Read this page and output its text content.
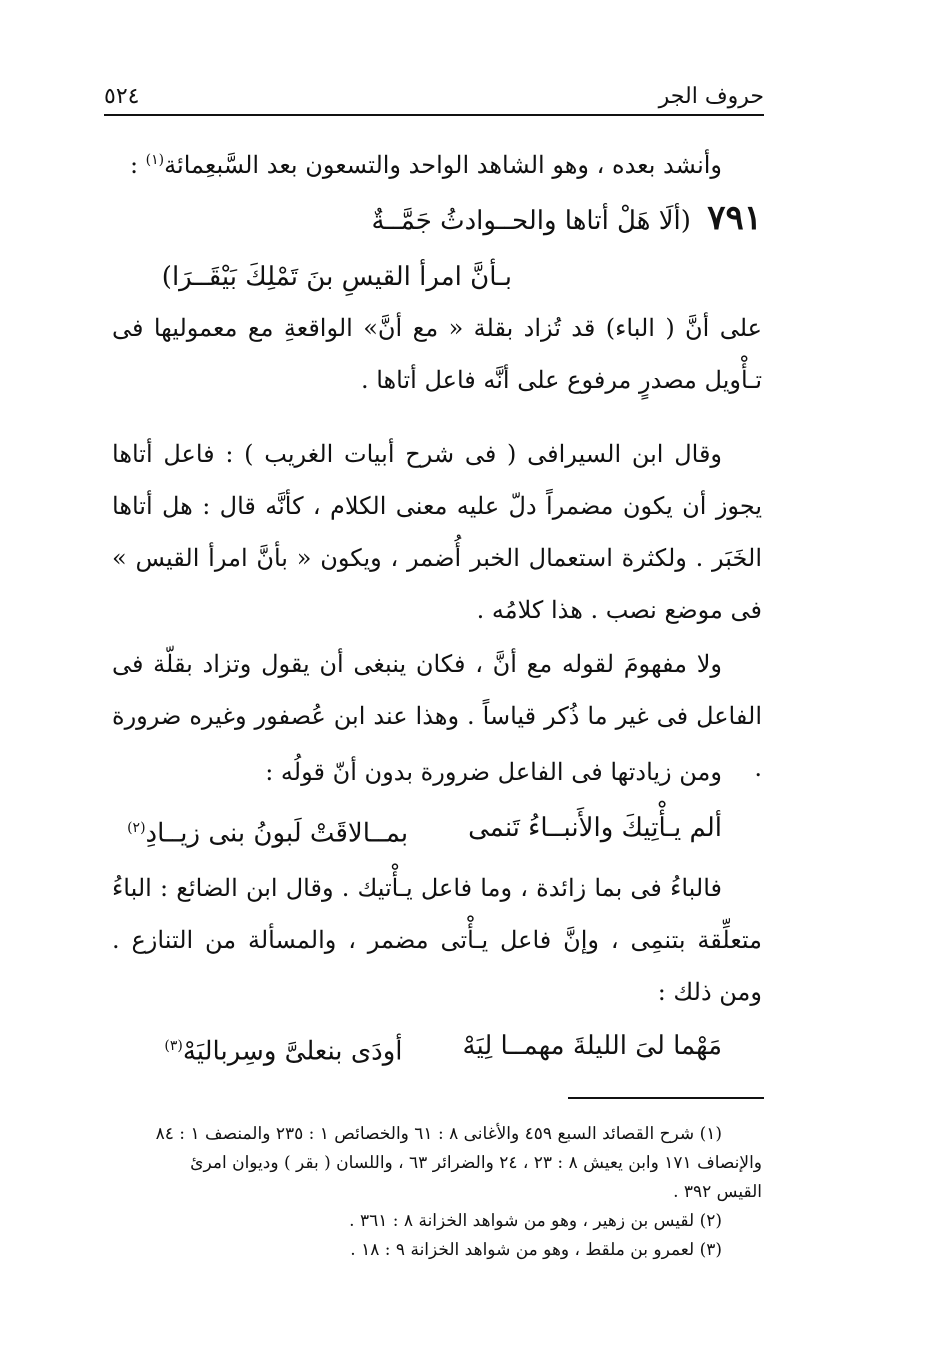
حروف الجر
٥٢٤

وأنشد بعده ، وهو الشاهد الواحد والتسعون بعد السَّبعِمائة$^{(١)}$ :

٧٩١ (ألَا هَلْ أتاها والحــوادثُ جَمَّــةٌ
بـأنَّ امرأ القيسِ بنَ تَمْلِكَ بَيْقَــرَا)

على أنَّ ( الباء) قد تُزاد بقلة « مع أنَّ» الواقعةِ مع معموليها فى تـأْويل مصدرٍ مرفوع على أنَّه فاعل أتاها .

وقال ابن السيرافى ( فى شرح أبيات الغريب ) : فاعل أتاها يجوز أن يكون مضمراً دلّ عليه معنى الكلام ، كأنَّه قال : هل أتاها الخَبَر . ولكثرة استعمال الخبر أُضمر ، ويكون « بأنَّ امرأ القيس » فى موضع نصب . هذا كلامُه .

ولا مفهومَ لقوله مع أنَّ ، فكان ينبغى أن يقول وتزاد بقلّة فى الفاعل فى غير ما ذُكر قياساً . وهذا عند ابن عُصفور وغيره ضرورة .

ومن زيادتها فى الفاعل ضرورة بدون أنّ قولُه :

ألم يـأْتِيكَ والأَنبــاءُ تَنمى
بمــالاقَتْ لَبونُ بنى زيــادِ$^{(٢)}$

فالباءُ فى بما زائدة ، وما فاعل يـأْتيك . وقال ابن الضائع : الباءُ متعلِّقة بتنمِى ، وإنَّ فاعل يـأْتى مضمر ، والمسألة من التنازع . ومن ذلك :

مَهْما لىَ الليلةَ مهمــا لِيَهْ
أودَى بنعلىَّ وسِرباليَهْ$^{(٣)}$

(١) شرح القصائد السبع ٤٥٩ والأغانى ٨ : ٦١ والخصائص ١ : ٢٣٥ والمنصف ١ : ٨٤

والإنصاف ١٧١ وابن يعيش ٨ : ٢٣ ، ٢٤ والضرائر ٦٣ ، واللسان ( بقر ) وديوان امرئ

القيس ٣٩٢ .

(٢) لقيس بن زهير ، وهو من شواهد الخزانة ٨ : ٣٦١ .

(٣) لعمرو بن ملقط ، وهو من شواهد الخزانة ٩ : ١٨ .
